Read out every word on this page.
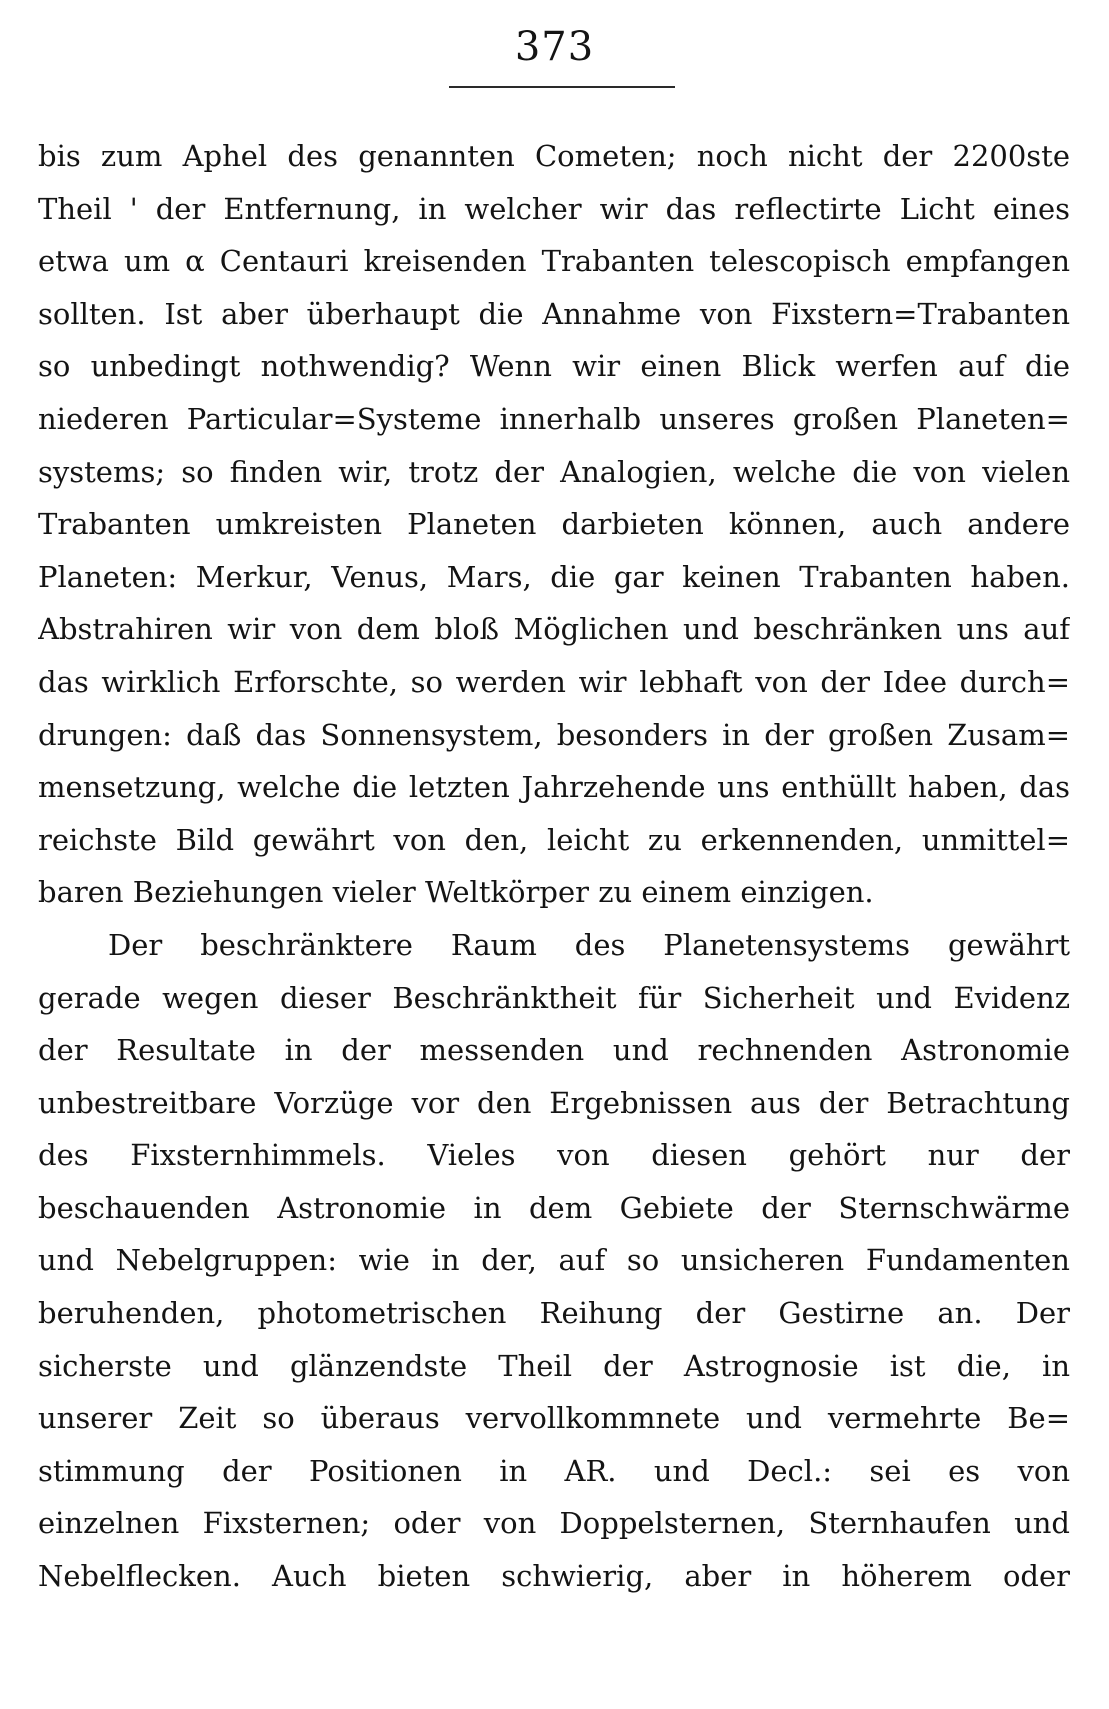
373
bis zum Aphel des genannten Cometen; noch nicht der 2200ste
Theil ' der Entfernung, in welcher wir das reflectirte Licht eines
etwa um α Centauri kreisenden Trabanten telescopisch empfangen
sollten. Ist aber überhaupt die Annahme von Fixstern=Trabanten
so unbedingt nothwendig? Wenn wir einen Blick werfen auf die
niederen Particular=Systeme innerhalb unseres großen Planeten=
systems; so finden wir, trotz der Analogien, welche die von vielen
Trabanten umkreisten Planeten darbieten können, auch andere
Planeten: Merkur, Venus, Mars, die gar keinen Trabanten haben.
Abstrahiren wir von dem bloß Möglichen und beschränken uns auf
das wirklich Erforschte, so werden wir lebhaft von der Idee durch=
drungen: daß das Sonnensystem, besonders in der großen Zusam=
mensetzung, welche die letzten Jahrzehende uns enthüllt haben, das
reichste Bild gewährt von den, leicht zu erkennenden, unmittel=
baren Beziehungen vieler Weltkörper zu einem einzigen.
Der beschränktere Raum des Planetensystems gewährt
gerade wegen dieser Beschränktheit für Sicherheit und Evidenz
der Resultate in der messenden und rechnenden Astronomie
unbestreitbare Vorzüge vor den Ergebnissen aus der Betrachtung
des Fixsternhimmels. Vieles von diesen gehört nur der
beschauenden Astronomie in dem Gebiete der Sternschwärme
und Nebelgruppen: wie in der, auf so unsicheren Fundamenten
beruhenden, photometrischen Reihung der Gestirne an. Der
sicherste und glänzendste Theil der Astrognosie ist die, in
unserer Zeit so überaus vervollkommnete und vermehrte Be=
stimmung der Positionen in AR. und Decl.: sei es von
einzelnen Fixsternen; oder von Doppelsternen, Sternhaufen und
Nebelflecken. Auch bieten schwierig, aber in höherem oder
